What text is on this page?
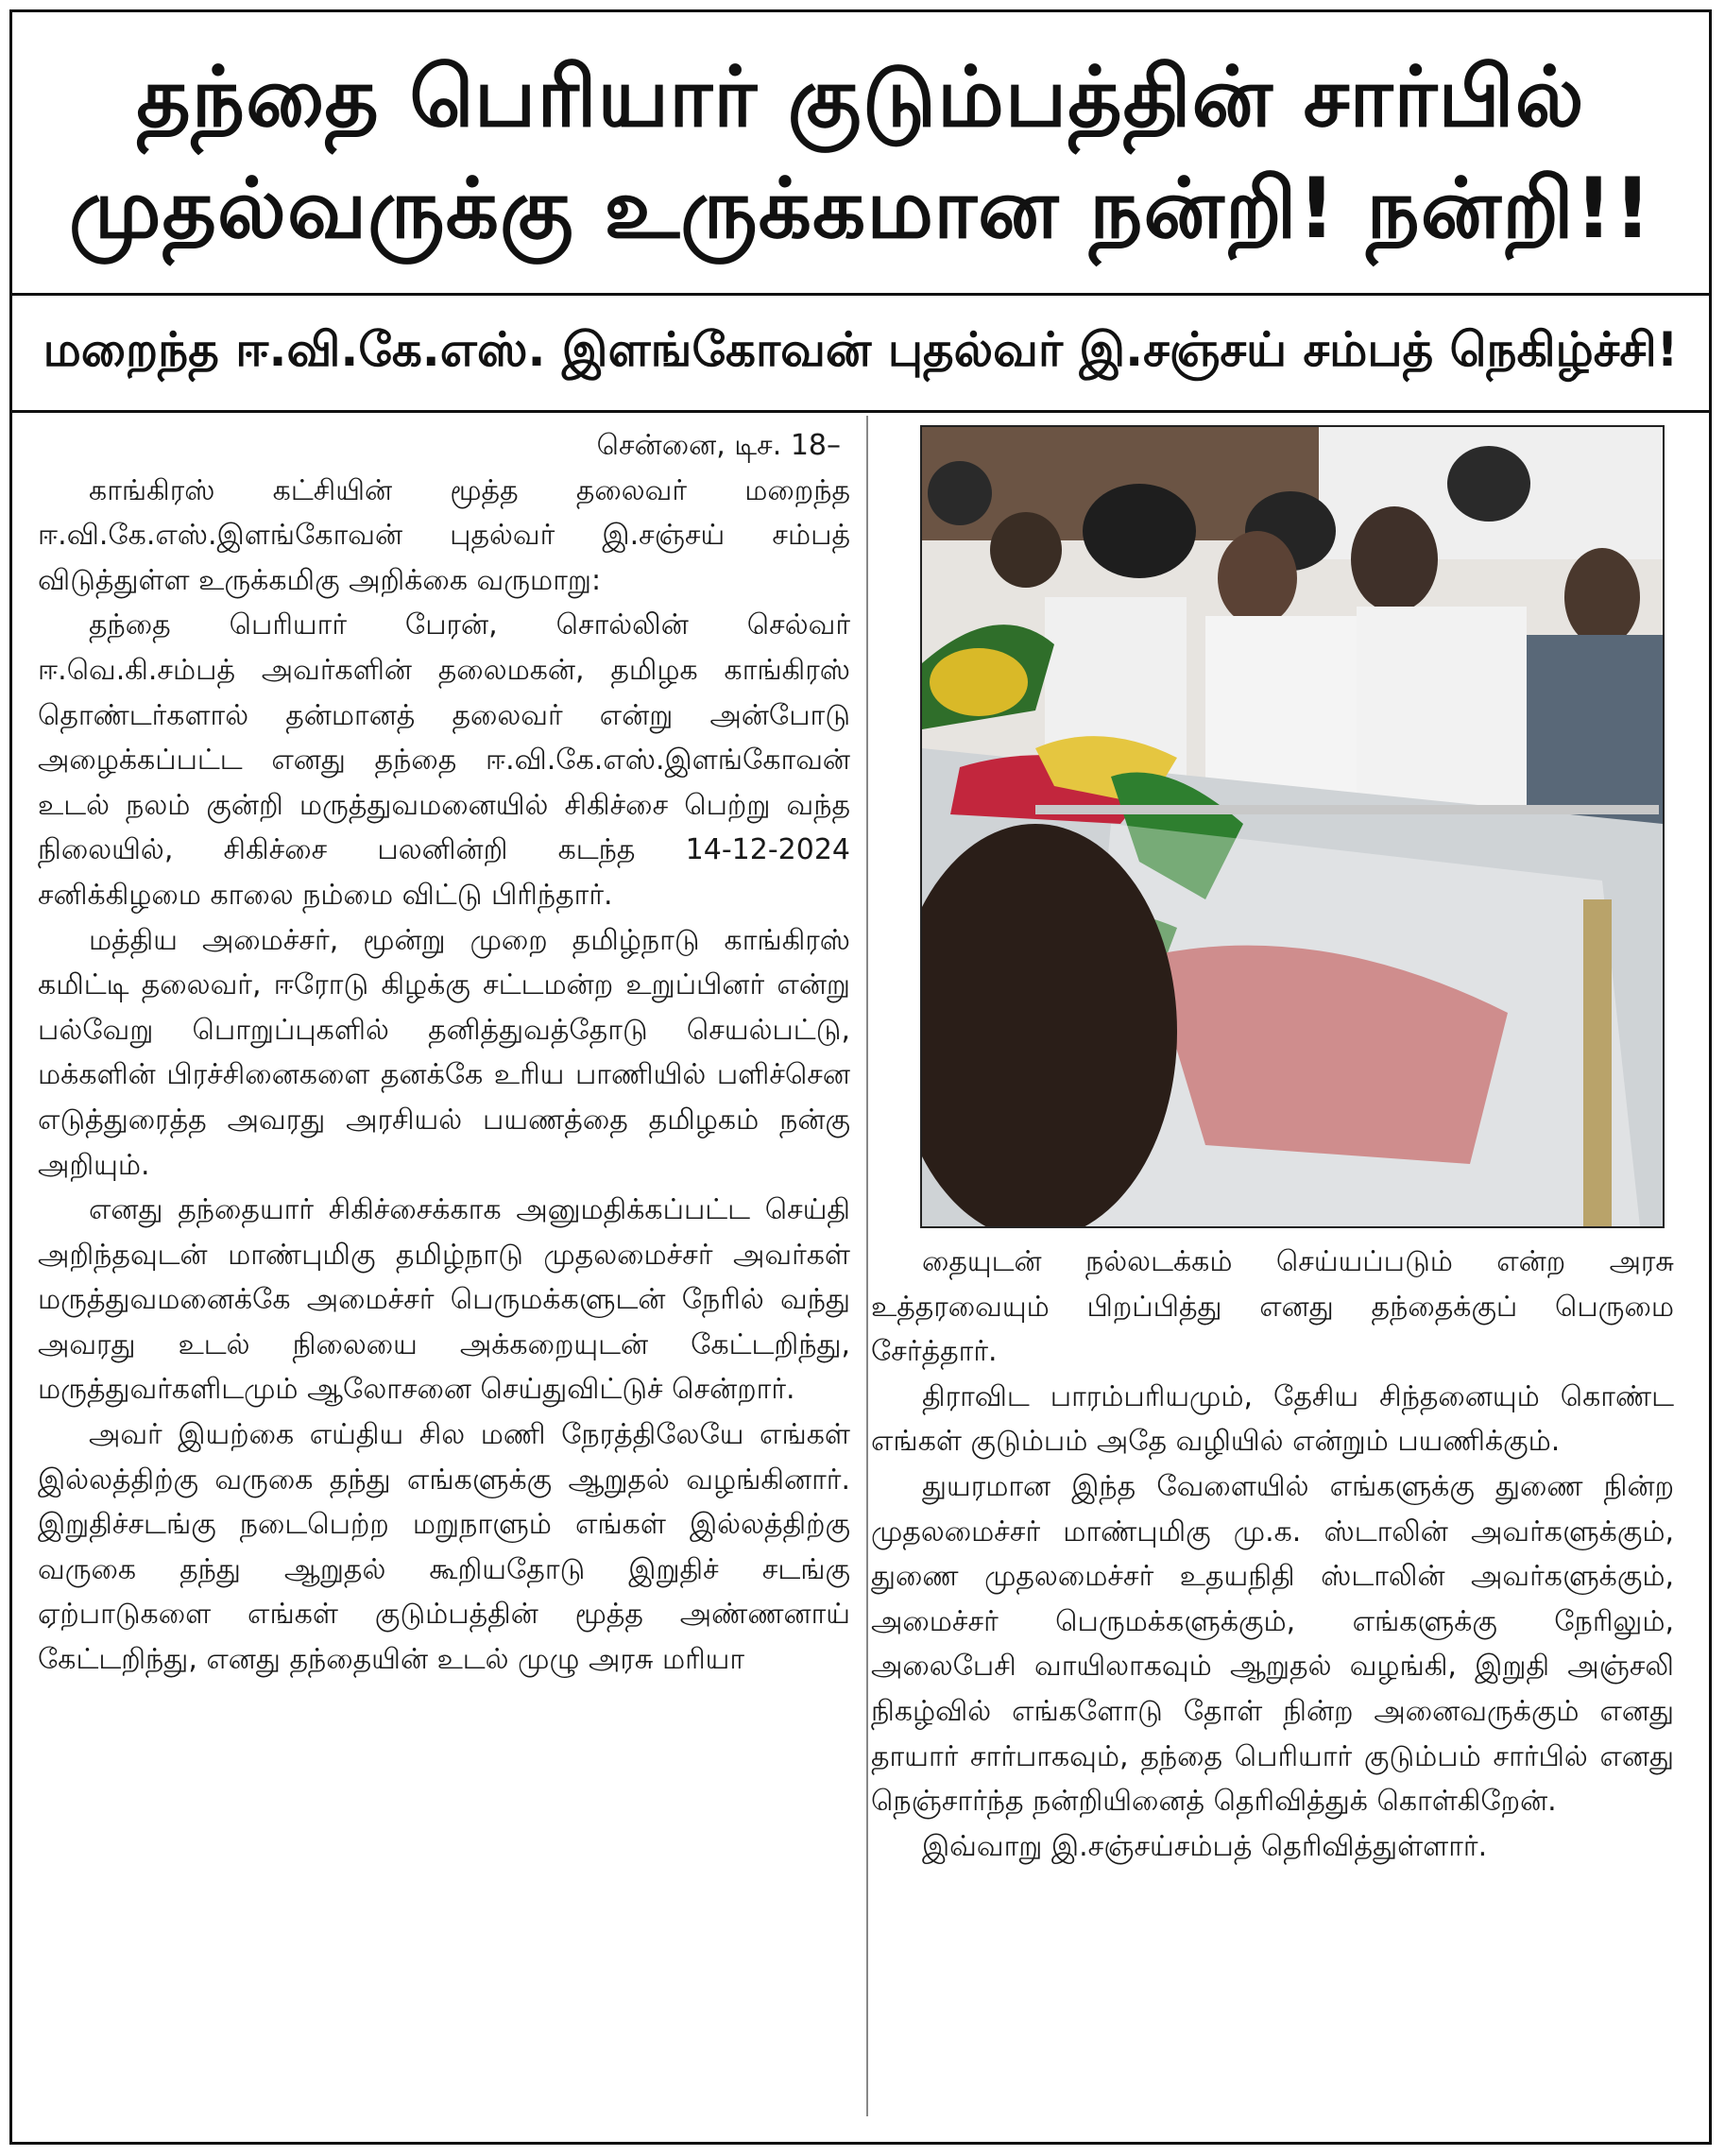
தந்தை பெரியார் குடும்பத்தின் சார்பில்
முதல்வருக்கு உருக்கமான நன்றி! நன்றி!!
மறைந்த ஈ.வி.கே.எஸ். இளங்கோவன் புதல்வர் இ.சஞ்சய் சம்பத் நெகிழ்ச்சி!

சென்னை, டிச. 18–

காங்கிரஸ் கட்சியின் மூத்த தலைவர் மறைந்த ஈ.வி.கே.எஸ்.இளங்கோவன் புதல்வர் இ.சஞ்சய் சம்பத் விடுத்துள்ள உருக்கமிகு அறிக்கை வருமாறு:

தந்தை பெரியார் பேரன், சொல்லின் செல்வர் ஈ.வெ.கி.சம்பத் அவர்களின் தலைமகன், தமிழக காங்கிரஸ் தொண்டர்களால் தன்மானத் தலைவர் என்று அன்போடு அழைக்கப்பட்ட எனது தந்தை ஈ.வி.கே.எஸ்.இளங்கோவன் உடல் நலம் குன்றி மருத்துவமனையில் சிகிச்சை பெற்று வந்த நிலையில், சிகிச்சை பலனின்றி கடந்த 14-12-2024 சனிக்கிழமை காலை நம்மை விட்டு பிரிந்தார்.

மத்திய அமைச்சர், மூன்று முறை தமிழ்நாடு காங்கிரஸ் கமிட்டி தலைவர், ஈரோடு கிழக்கு சட்டமன்ற உறுப்பினர் என்று பல்வேறு பொறுப்புகளில் தனித்துவத்தோடு செயல்பட்டு, மக்களின் பிரச்சினைகளை தனக்கே உரிய பாணியில் பளிச்சென எடுத்துரைத்த அவரது அரசியல் பயணத்தை தமிழகம் நன்கு அறியும்.

எனது தந்தையார் சிகிச்சைக்காக அனுமதிக்கப்பட்ட செய்தி அறிந்தவுடன் மாண்புமிகு தமிழ்நாடு முதலமைச்சர் அவர்கள் மருத்துவமனைக்கே அமைச்சர் பெருமக்களுடன் நேரில் வந்து அவரது உடல் நிலையை அக்கறையுடன் கேட்டறிந்து, மருத்துவர்களிடமும் ஆலோசனை செய்துவிட்டுச் சென்றார்.

அவர் இயற்கை எய்திய சில மணி நேரத்திலேயே எங்கள் இல்லத்திற்கு வருகை தந்து எங்களுக்கு ஆறுதல் வழங்கினார். இறுதிச்சடங்கு நடைபெற்ற மறுநாளும் எங்கள் இல்லத்திற்கு வருகை தந்து ஆறுதல் கூறியதோடு இறுதிச் சடங்கு ஏற்பாடுகளை எங்கள் குடும்பத்தின் மூத்த அண்ணனாய் கேட்டறிந்து, எனது தந்தையின் உடல் முழு அரசு மரியா

தையுடன் நல்லடக்கம் செய்யப்படும் என்ற அரசு உத்தரவையும் பிறப்பித்து எனது தந்தைக்குப் பெருமை சேர்த்தார்.

திராவிட பாரம்பரியமும், தேசிய சிந்தனையும் கொண்ட எங்கள் குடும்பம் அதே வழியில் என்றும் பயணிக்கும்.

துயரமான இந்த வேளையில் எங்களுக்கு துணை நின்ற முதலமைச்சர் மாண்புமிகு மு.க. ஸ்டாலின் அவர்களுக்கும், துணை முதலமைச்சர் உதயநிதி ஸ்டாலின் அவர்களுக்கும், அமைச்சர் பெருமக்களுக்கும், எங்களுக்கு நேரிலும், அலைபேசி வாயிலாகவும் ஆறுதல் வழங்கி, இறுதி அஞ்சலி நிகழ்வில் எங்களோடு தோள் நின்ற அனைவருக்கும் எனது தாயார் சார்பாகவும், தந்தை பெரியார் குடும்பம் சார்பில் எனது நெஞ்சார்ந்த நன்றியினைத் தெரிவித்துக் கொள்கிறேன்.

இவ்வாறு இ.சஞ்சய்சம்பத் தெரிவித்துள்ளார்.
